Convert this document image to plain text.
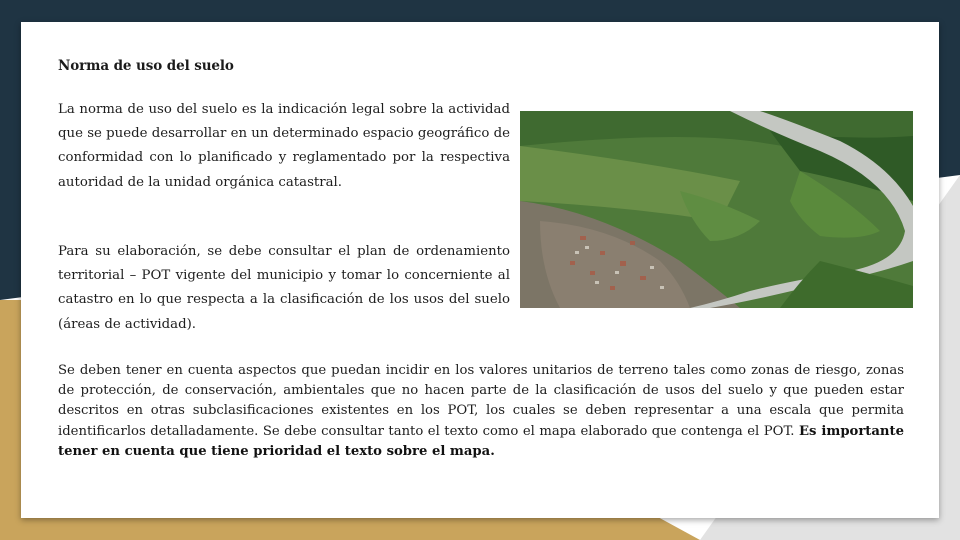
Norma de uso del suelo

La norma de uso del suelo es la indicación legal sobre la actividad que se puede desarrollar en un determinado espacio geográfico de conformidad con lo planificado y reglamentado por la respectiva autoridad de la unidad orgánica catastral.

Para su elaboración, se debe consultar el plan de ordenamiento territorial – POT vigente del municipio y tomar lo concerniente al catastro en lo que respecta a la clasificación de los usos del suelo (áreas de actividad).

Se deben tener en cuenta aspectos que puedan incidir en los valores unitarios de terreno tales como zonas de riesgo, zonas de protección, de conservación, ambientales que no hacen parte de la clasificación de usos del suelo y que pueden estar descritos en otras subclasificaciones existentes en los POT, los cuales se deben representar a una escala que permita identificarlos detalladamente. Se debe consultar tanto el texto como el mapa elaborado que contenga el POT. Es importante tener en cuenta que tiene prioridad el texto sobre el mapa.
